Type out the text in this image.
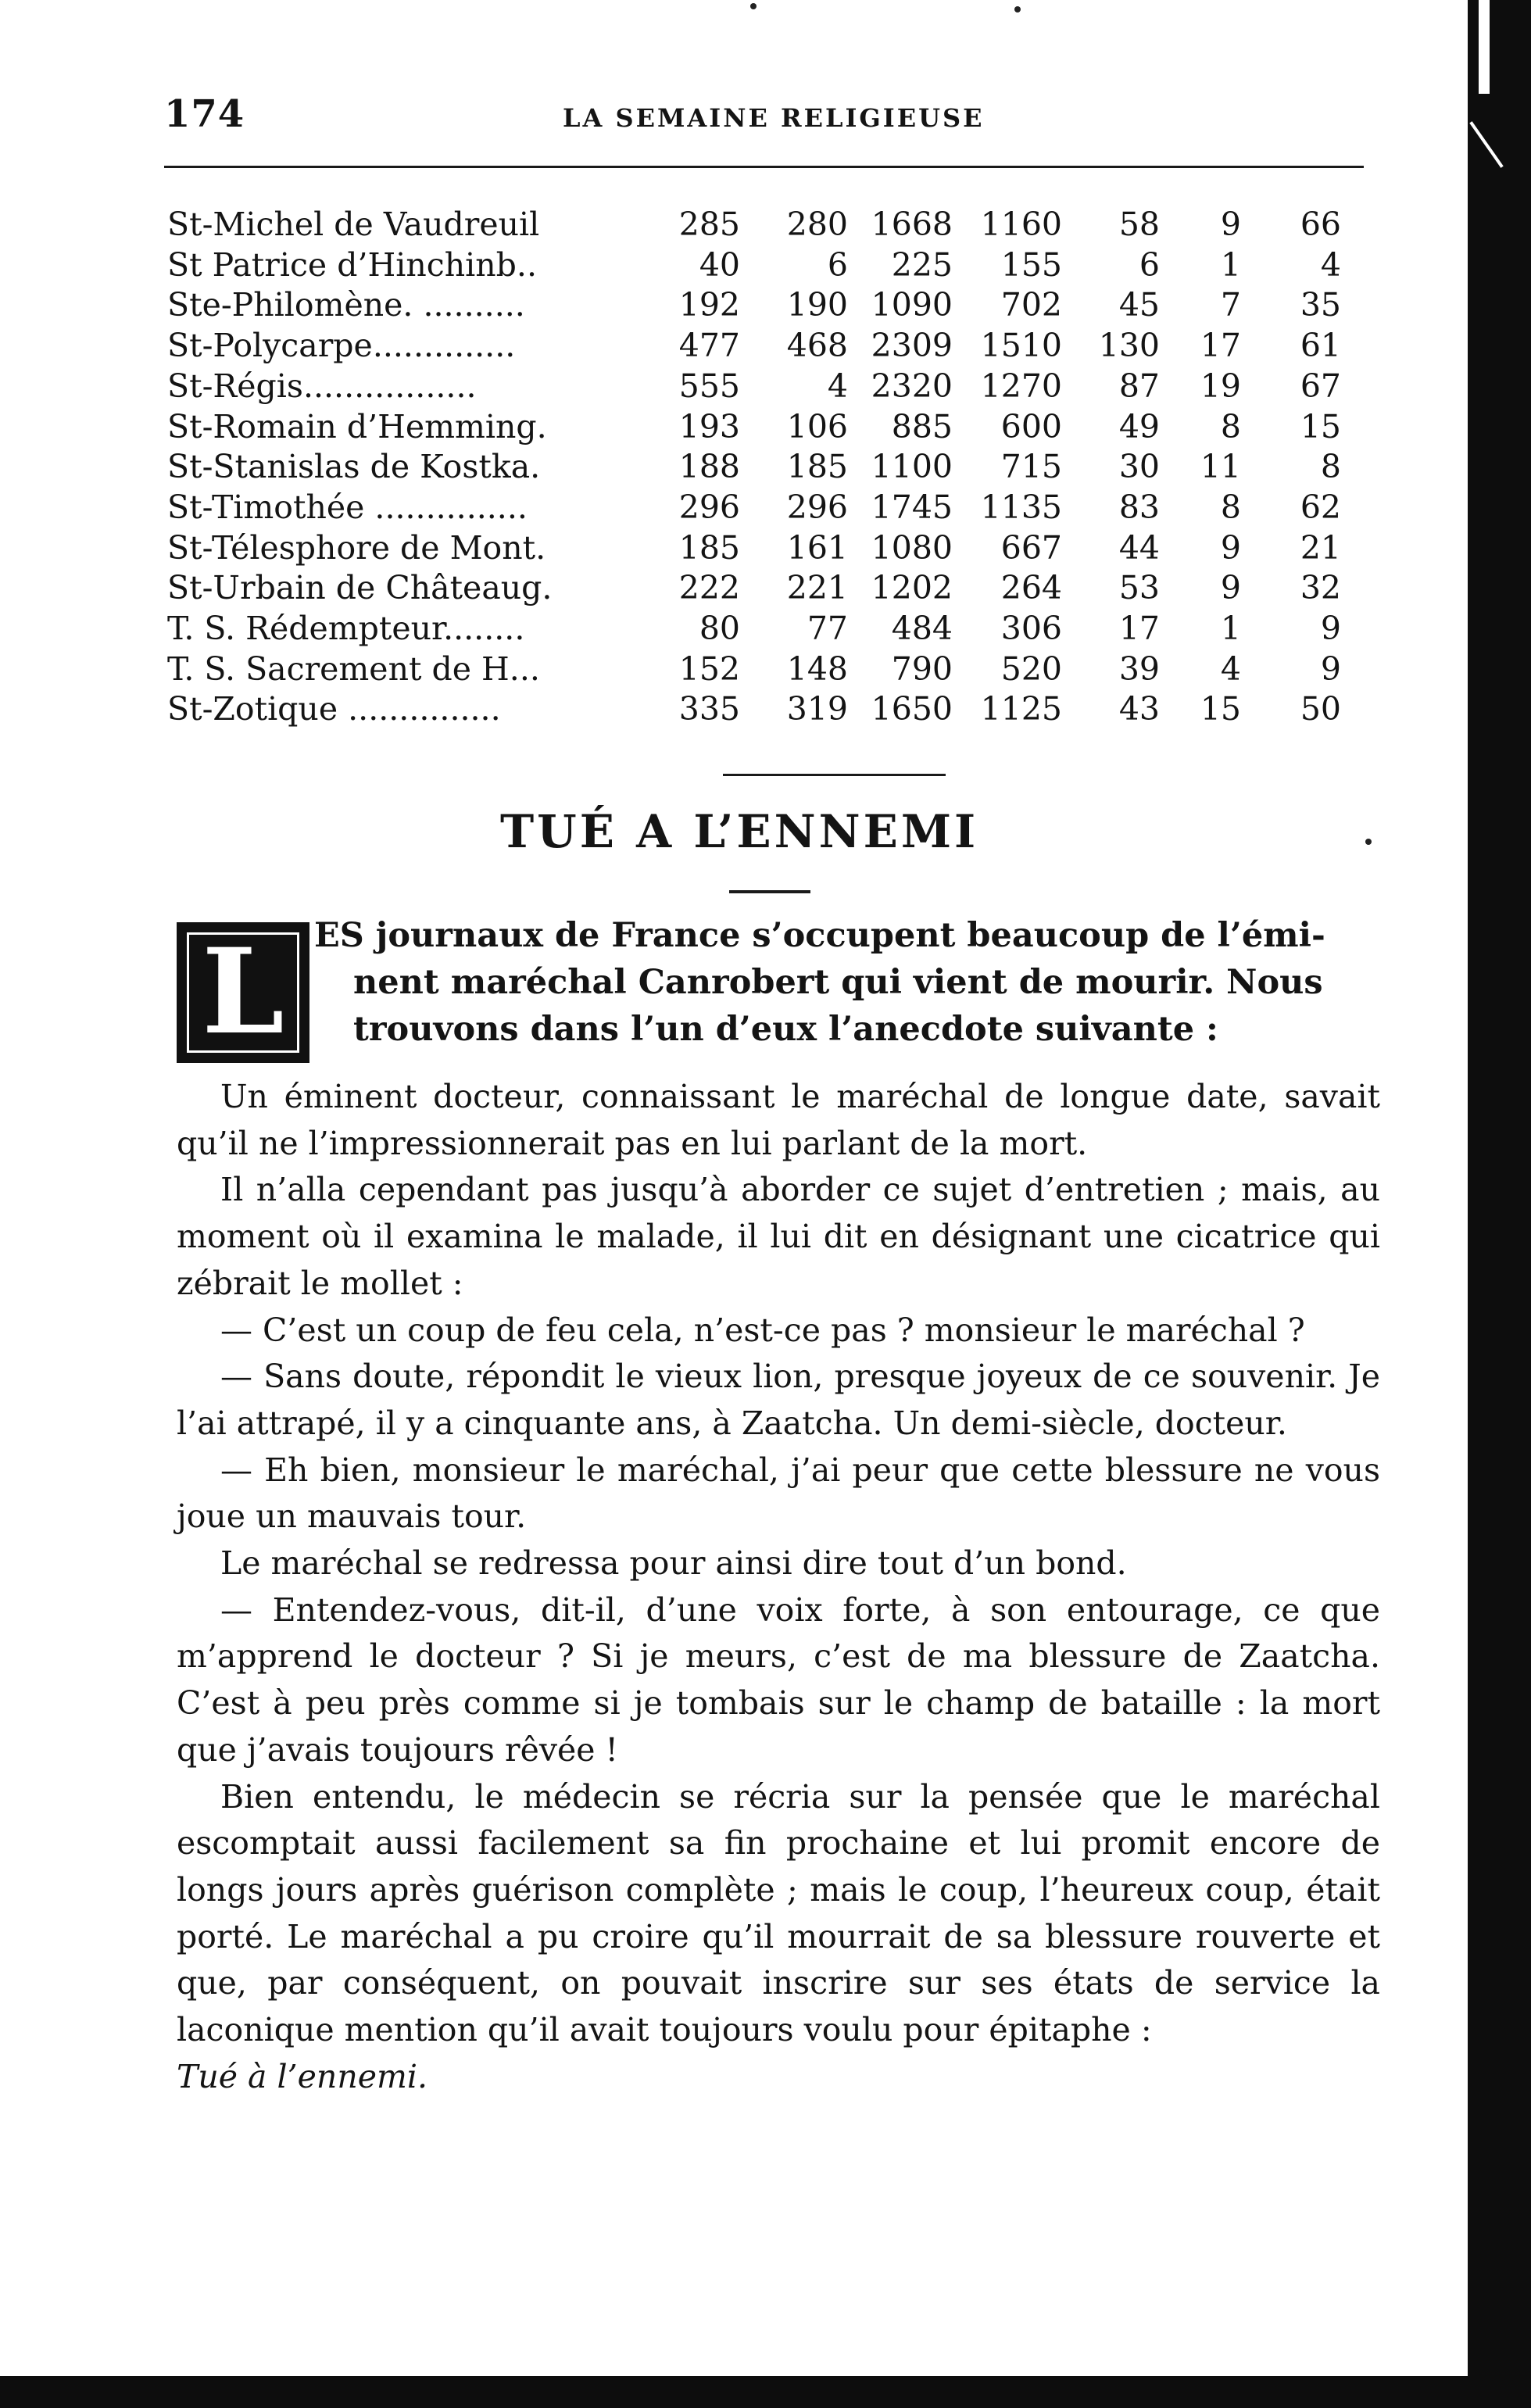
174	LA SEMAINE RELIGIEUSE
St-Michel de Vaudreuil	285	280	1668	1160	58	9	66
St Patrice d’Hinchinb..	40	6	225	155	6	1	4
Ste-Philomène. ..........	192	190	1090	702	45	7	35
St-Polycarpe..............	477	468	2309	1510	130	17	61
St-Régis.................	555	4	2320	1270	87	19	67
St-Romain d’Hemming.	193	106	885	600	49	8	15
St-Stanislas de Kostka.	188	185	1100	715	30	11	8
St-Timothée ...............	296	296	1745	1135	83	8	62
St-Télesphore de Mont.	185	161	1080	667	44	9	21
St-Urbain de Châteaug.	222	221	1202	264	53	9	32
T. S. Rédempteur........	80	77	484	306	17	1	9
T. S. Sacrement de H...	152	148	790	520	39	4	9
St-Zotique ...............	335	319	1650	1125	43	15	50
TUÉ A L’ENNEMI
L ES journaux de France s’occupent beaucoup de l’émi-
nent maréchal Canrobert qui vient de mourir. Nous
trouvons dans l’un d’eux l’anecdote suivante :

Un éminent docteur, connaissant le maréchal de longue date, savait qu’il ne l’impressionnerait pas en lui parlant de la mort.

Il n’alla cependant pas jusqu’à aborder ce sujet d’entretien ; mais, au moment où il examina le malade, il lui dit en désignant une cicatrice qui zébrait le mollet :

— C’est un coup de feu cela, n’est-ce pas ? monsieur le maréchal ?

— Sans doute, répondit le vieux lion, presque joyeux de ce souvenir. Je l’ai attrapé, il y a cinquante ans, à Zaatcha. Un demi-siècle, docteur.

— Eh bien, monsieur le maréchal, j’ai peur que cette blessure ne vous joue un mauvais tour.

Le maréchal se redressa pour ainsi dire tout d’un bond.

— Entendez-vous, dit-il, d’une voix forte, à son entourage, ce que m’apprend le docteur ? Si je meurs, c’est de ma blessure de Zaatcha. C’est à peu près comme si je tombais sur le champ de bataille : la mort que j’avais toujours rêvée !

Bien entendu, le médecin se récria sur la pensée que le maréchal escomptait aussi facilement sa fin prochaine et lui promit encore de longs jours après guérison complète ; mais le coup, l’heureux coup, était porté. Le maréchal a pu croire qu’il mourrait de sa blessure rouverte et que, par conséquent, on pouvait inscrire sur ses états de service la laconique mention qu’il avait toujours voulu pour épitaphe :

Tué à l’ennemi.
